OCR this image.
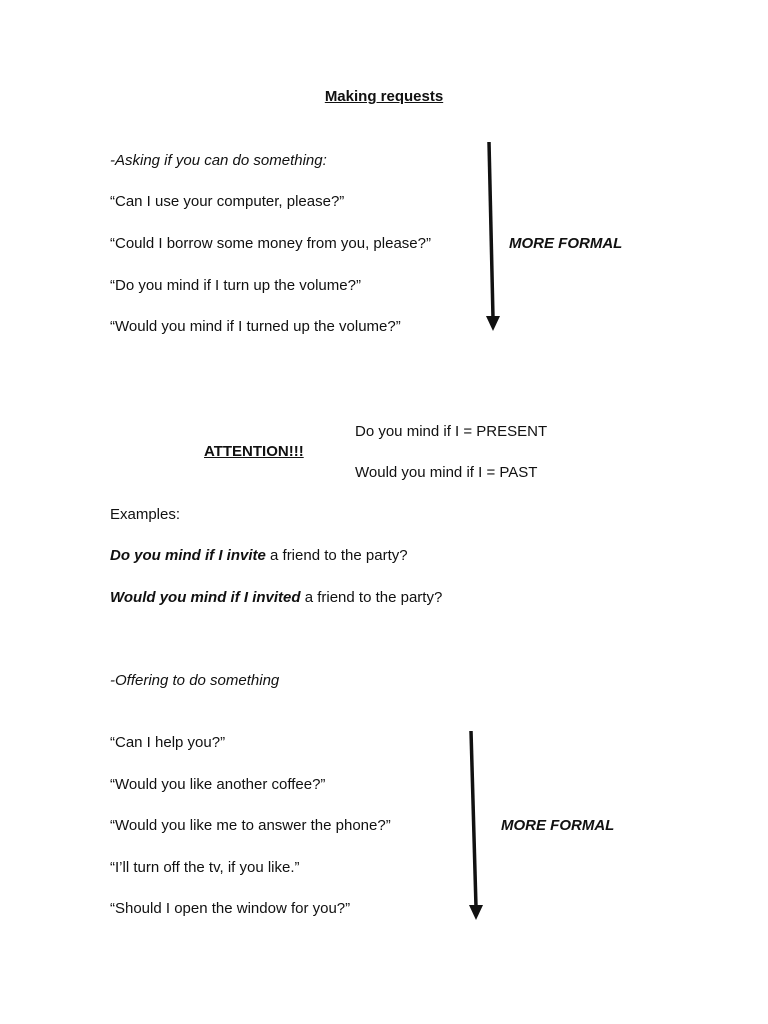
Making requests
-Asking if you can do something:
“Can I use your computer, please?”
“Could I borrow some money from you, please?”
“Do you mind if I turn up the volume?”
“Would you mind if I turned up the volume?”
MORE FORMAL
Do you mind if I = PRESENT
ATTENTION!!!
Would you mind if I = PAST
Examples:
Do you mind if I invite a friend to the party?
Would you mind if I invited a friend to the party?
-Offering to do something
“Can I help you?”
“Would you like another coffee?”
“Would you like me to answer the phone?”
“I’ll turn off the tv, if you like.”
“Should I open the window for you?”
MORE FORMAL
